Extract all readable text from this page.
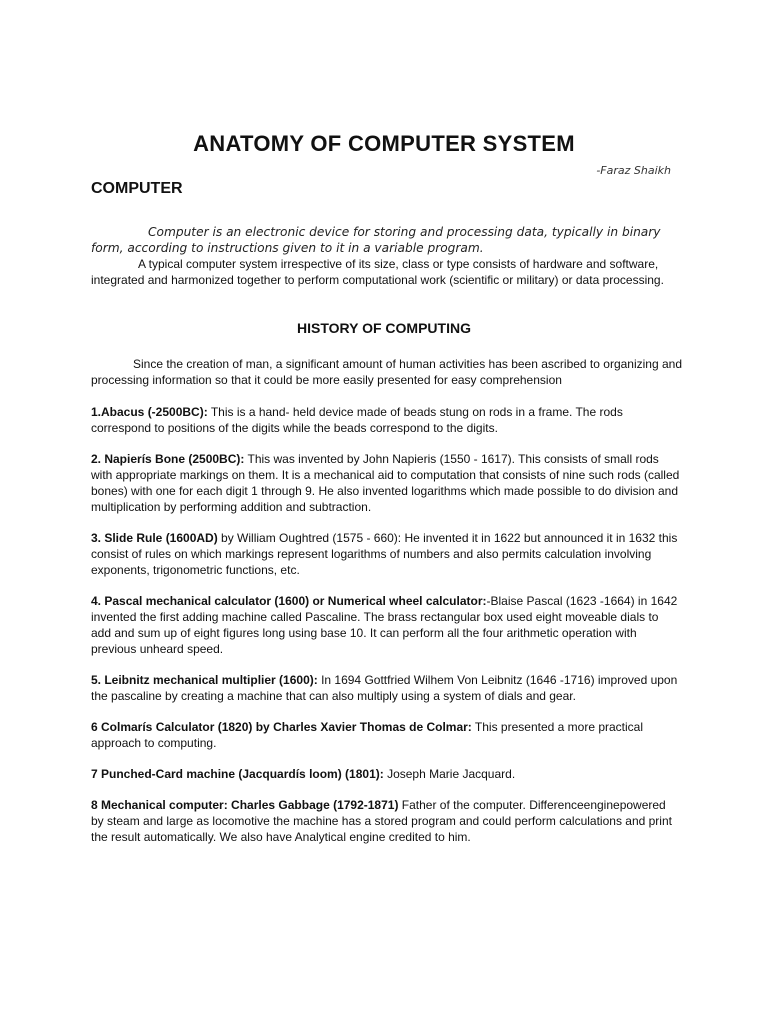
ANATOMY OF COMPUTER SYSTEM
-Faraz Shaikh
COMPUTER

Computer is an electronic device for storing and processing data, typically in binary form, according to instructions given to it in a variable program.

A typical computer system irrespective of its size, class or type consists of hardware and software, integrated and harmonized together to perform computational work (scientific or military) or data processing.

HISTORY OF COMPUTING

Since the creation of man, a significant amount of human activities has been ascribed to organizing and processing information so that it could be more easily presented for easy comprehension

1.Abacus (-2500BC): This is a hand- held device made of beads stung on rods in a frame. The rods correspond to positions of the digits while the beads correspond to the digits.
2. Napierís Bone (2500BC): This was invented by John Napieris (1550 - 1617). This consists of small rods with appropriate markings on them. It is a mechanical aid to computation that consists of nine such rods (called bones) with one for each digit 1 through 9. He also invented logarithms which made possible to do division and multiplication by performing addition and subtraction.
3. Slide Rule (1600AD) by William Oughtred (1575 - 660): He invented it in 1622 but announced it in 1632 this consist of rules on which markings represent logarithms of numbers and also permits calculation involving exponents, trigonometric functions, etc.
4. Pascal mechanical calculator (1600) or Numerical wheel calculator:-Blaise Pascal (1623 -1664) in 1642 invented the first adding machine called Pascaline. The brass rectangular box used eight moveable dials to add and sum up of eight figures long using base 10. It can perform all the four arithmetic operation with previous unheard speed.
5. Leibnitz mechanical multiplier (1600): In 1694 Gottfried Wilhem Von Leibnitz (1646 -1716) improved upon the pascaline by creating a machine that can also multiply using a system of dials and gear.
6 Colmarís Calculator (1820) by Charles Xavier Thomas de Colmar: This presented a more practical approach to computing.
7 Punched-Card machine (Jacquardís loom) (1801): Joseph Marie Jacquard.
8 Mechanical computer: Charles Gabbage (1792-1871) Father of the computer. Differenceenginepowered by steam and large as locomotive the machine has a stored program and could perform calculations and print the result automatically. We also have Analytical engine credited to him.
